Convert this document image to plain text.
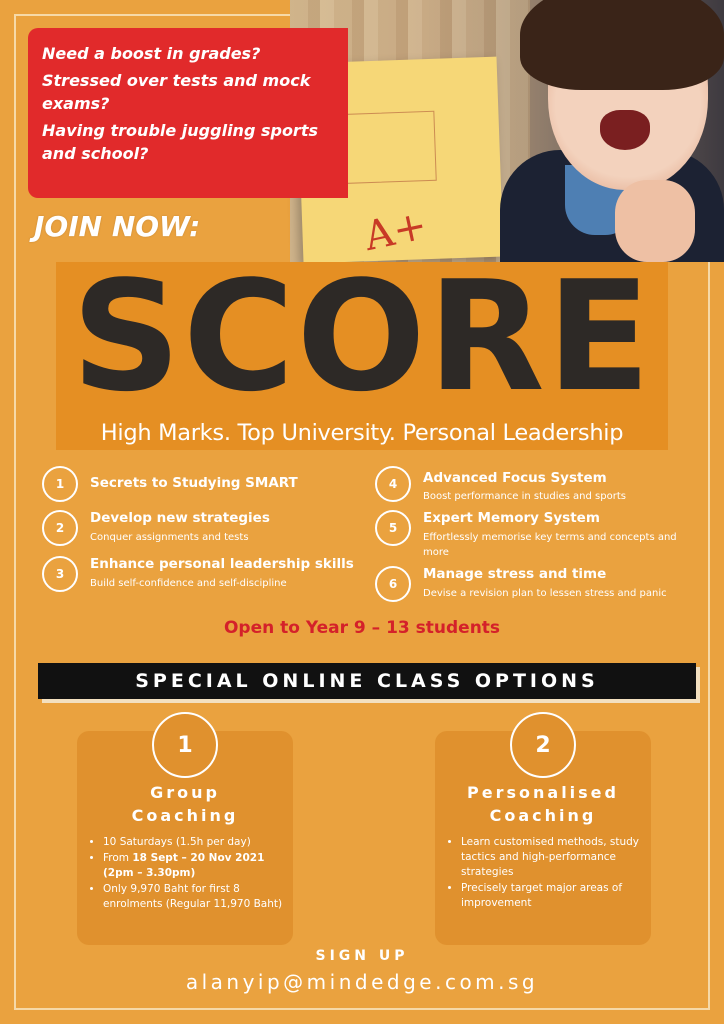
A+

Need a boost in grades?

Stressed over tests and mock exams?

Having trouble juggling sports and school?

JOIN NOW:
SCORE
High Marks. Top University. Personal Leadership
1	Secrets to Studying SMART
2
Develop new strategies
Conquer assignments and tests
3
Enhance personal leadership skills
Build self-confidence and self-discipline
4	Advanced Focus System
Boost performance in studies and sports
5
Expert Memory System
Effortlessly memorise key terms and concepts and more
6
Manage stress and time
Devise a revision plan to lessen stress and panic
Open to Year 9 – 13 students
SPECIAL ONLINE CLASS OPTIONS
Group
Coaching
• 10 Saturdays (1.5h per day)
• From 18 Sept – 20 Nov 2021 (2pm – 3.30pm)
• Only 9,970 Baht for first 8 enrolments (Regular 11,970 Baht)
1
Personalised
Coaching
• Learn customised methods, study tactics and high-performance strategies
• Precisely target major areas of improvement
2
SIGN UP
alanyip@mindedge.com.sg
